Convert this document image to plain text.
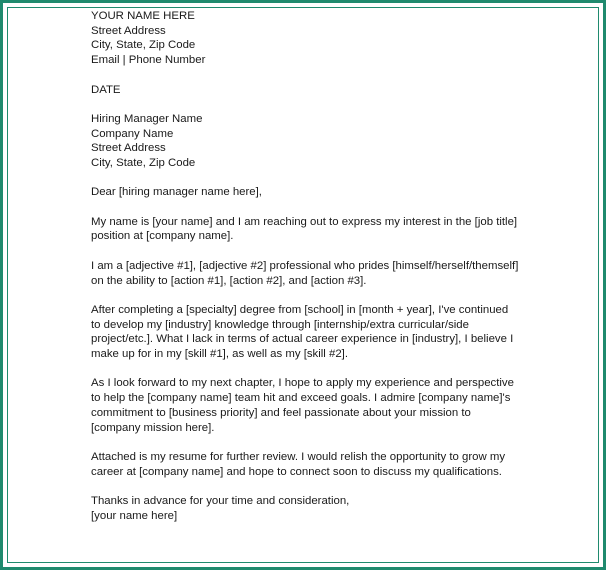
YOUR NAME HERE
Street Address
City, State, Zip Code
Email | Phone Number
DATE
Hiring Manager Name
Company Name
Street Address
City, State, Zip Code
Dear [hiring manager name here],
My name is [your name] and I am reaching out to express my interest in the [job title]
position at [company name].
I am a [adjective #1], [adjective #2] professional who prides [himself/herself/themself]
on the ability to [action #1], [action #2], and [action #3].
After completing a [specialty] degree from [school] in [month + year], I've continued
to develop my [industry] knowledge through [internship/extra curricular/side
project/etc.]. What I lack in terms of actual career experience in [industry], I believe I
make up for in my [skill #1], as well as my [skill #2].
As I look forward to my next chapter, I hope to apply my experience and perspective
to help the [company name] team hit and exceed goals. I admire [company name]'s
commitment to [business priority] and feel passionate about your mission to
[company mission here].
Attached is my resume for further review. I would relish the opportunity to grow my
career at [company name] and hope to connect soon to discuss my qualifications.
Thanks in advance for your time and consideration,
[your name here]
